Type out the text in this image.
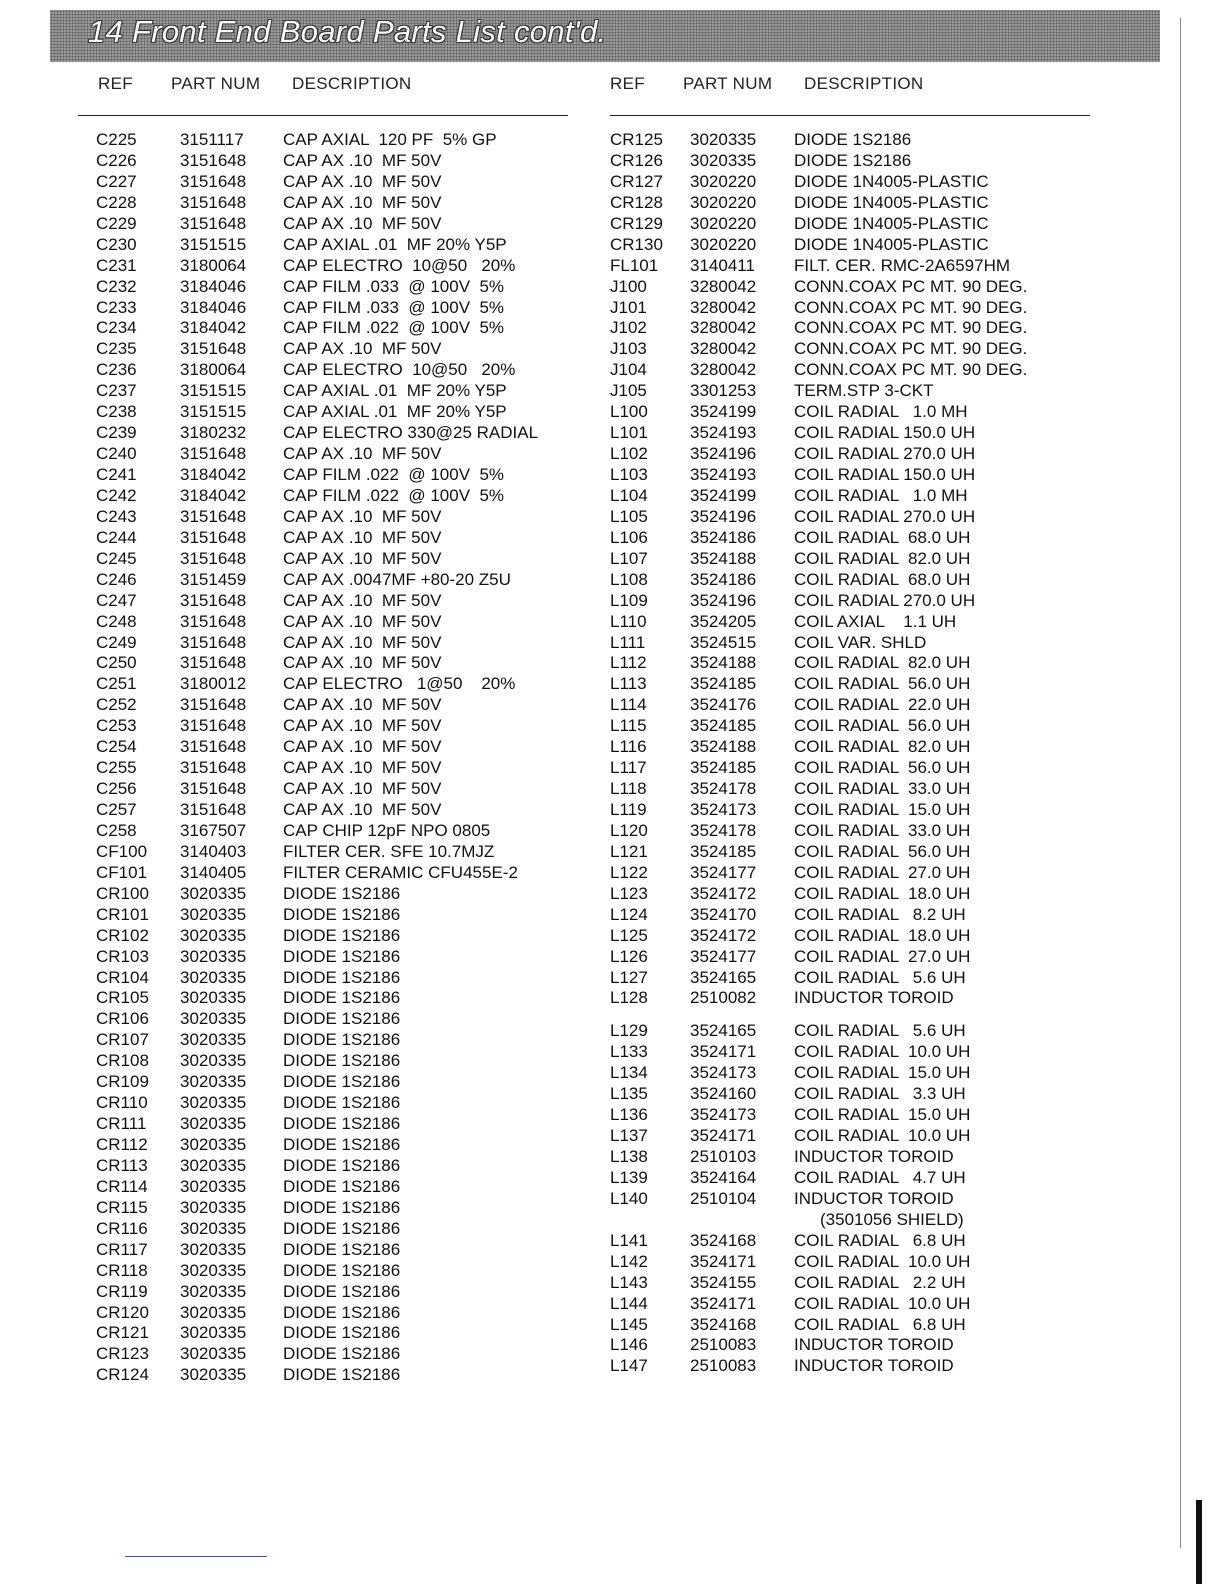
14 Front End Board Parts List cont'd.
REF PART NUM DESCRIPTION
C225	3151117 CAP AXIAL  120 PF  5% GP
C226	3151648 CAP AX .10  MF 50V
C227	3151648 CAP AX .10  MF 50V
C228	3151648 CAP AX .10  MF 50V
C229	3151648 CAP AX .10  MF 50V
C230	3151515 CAP AXIAL .01  MF 20% Y5P
C231	3180064 CAP ELECTRO  10@50   20%
C232	3184046 CAP FILM .033  @ 100V  5%
C233	3184046 CAP FILM .033  @ 100V  5%
C234	3184042 CAP FILM .022  @ 100V  5%
C235	3151648 CAP AX .10  MF 50V
C236	3180064 CAP ELECTRO  10@50   20%
C237	3151515 CAP AXIAL .01  MF 20% Y5P
C238	3151515 CAP AXIAL .01  MF 20% Y5P
C239	3180232 CAP ELECTRO 330@25 RADIAL
C240	3151648 CAP AX .10  MF 50V
C241	3184042 CAP FILM .022  @ 100V  5%
C242	3184042 CAP FILM .022  @ 100V  5%
C243	3151648 CAP AX .10  MF 50V
C244	3151648 CAP AX .10  MF 50V
C245	3151648 CAP AX .10  MF 50V
C246	3151459 CAP AX .0047MF +80-20 Z5U
C247	3151648 CAP AX .10  MF 50V
C248	3151648 CAP AX .10  MF 50V
C249	3151648 CAP AX .10  MF 50V
C250	3151648 CAP AX .10  MF 50V
C251	3180012 CAP ELECTRO   1@50    20%
C252	3151648 CAP AX .10  MF 50V
C253	3151648 CAP AX .10  MF 50V
C254	3151648 CAP AX .10  MF 50V
C255	3151648 CAP AX .10  MF 50V
C256	3151648 CAP AX .10  MF 50V
C257	3151648 CAP AX .10  MF 50V
C258	3167507 CAP CHIP 12pF NPO 0805
CF100 3140403 FILTER CER. SFE 10.7MJZ
CF101 3140405 FILTER CERAMIC CFU455E-2
CR100 3020335 DIODE 1S2186
CR101 3020335 DIODE 1S2186
CR102 3020335 DIODE 1S2186
CR103 3020335 DIODE 1S2186
CR104 3020335 DIODE 1S2186
CR105 3020335 DIODE 1S2186
CR106 3020335 DIODE 1S2186
CR107 3020335 DIODE 1S2186
CR108 3020335 DIODE 1S2186
CR109 3020335 DIODE 1S2186
CR110 3020335 DIODE 1S2186
CR111 3020335 DIODE 1S2186
CR112 3020335 DIODE 1S2186
CR113 3020335 DIODE 1S2186
CR114 3020335 DIODE 1S2186
CR115 3020335 DIODE 1S2186
CR116 3020335 DIODE 1S2186
CR117 3020335 DIODE 1S2186
CR118 3020335 DIODE 1S2186
CR119 3020335 DIODE 1S2186
CR120 3020335 DIODE 1S2186
CR121 3020335 DIODE 1S2186
CR123 3020335 DIODE 1S2186
CR124 3020335 DIODE 1S2186
REF PART NUM DESCRIPTION
CR125 3020335 DIODE 1S2186
CR126 3020335 DIODE 1S2186
CR127 3020220 DIODE 1N4005-PLASTIC
CR128 3020220 DIODE 1N4005-PLASTIC
CR129 3020220 DIODE 1N4005-PLASTIC
CR130 3020220 DIODE 1N4005-PLASTIC
FL101 3140411 FILT. CER. RMC-2A6597HM
J100	3280042 CONN.COAX PC MT. 90 DEG.
J101	3280042 CONN.COAX PC MT. 90 DEG.
J102	3280042 CONN.COAX PC MT. 90 DEG.
J103	3280042 CONN.COAX PC MT. 90 DEG.
J104	3280042 CONN.COAX PC MT. 90 DEG.
J105	3301253 TERM.STP 3-CKT
L100 3524199 COIL RADIAL   1.0 MH
L101 3524193 COIL RADIAL 150.0 UH
L102 3524196 COIL RADIAL 270.0 UH
L103 3524193 COIL RADIAL 150.0 UH
L104 3524199 COIL RADIAL   1.0 MH
L105 3524196 COIL RADIAL 270.0 UH
L106 3524186 COIL RADIAL  68.0 UH
L107 3524188 COIL RADIAL  82.0 UH
L108 3524186 COIL RADIAL  68.0 UH
L109 3524196 COIL RADIAL 270.0 UH
L110	3524205 COIL AXIAL    1.1 UH
L111	3524515 COIL VAR. SHLD
L112	3524188 COIL RADIAL  82.0 UH
L113	3524185 COIL RADIAL  56.0 UH
L114	3524176 COIL RADIAL  22.0 UH
L115	3524185 COIL RADIAL  56.0 UH
L116	3524188 COIL RADIAL  82.0 UH
L117	3524185 COIL RADIAL  56.0 UH
L118	3524178 COIL RADIAL  33.0 UH
L119	3524173 COIL RADIAL  15.0 UH
L120 3524178 COIL RADIAL  33.0 UH
L121 3524185 COIL RADIAL  56.0 UH
L122 3524177 COIL RADIAL  27.0 UH
L123 3524172 COIL RADIAL  18.0 UH
L124 3524170 COIL RADIAL   8.2 UH
L125 3524172 COIL RADIAL  18.0 UH
L126 3524177 COIL RADIAL  27.0 UH
L127 3524165 COIL RADIAL   5.6 UH
L128 2510082 INDUCTOR TOROID
L129 3524165 COIL RADIAL   5.6 UH
L133 3524171 COIL RADIAL  10.0 UH
L134 3524173 COIL RADIAL  15.0 UH
L135 3524160 COIL RADIAL   3.3 UH
L136 3524173 COIL RADIAL  15.0 UH
L137 3524171 COIL RADIAL  10.0 UH
L138 2510103 INDUCTOR TOROID
L139 3524164 COIL RADIAL   4.7 UH
L140 2510104 INDUCTOR TOROID
(3501056 SHIELD)
L141 3524168 COIL RADIAL   6.8 UH
L142 3524171 COIL RADIAL  10.0 UH
L143 3524155 COIL RADIAL   2.2 UH
L144 3524171 COIL RADIAL  10.0 UH
L145 3524168 COIL RADIAL   6.8 UH
L146 2510083 INDUCTOR TOROID
L147 2510083 INDUCTOR TOROID
